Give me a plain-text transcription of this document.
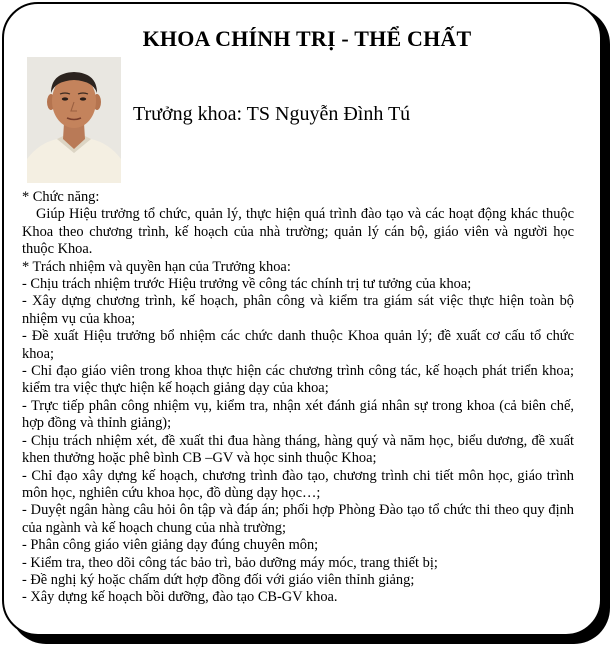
KHOA CHÍNH TRỊ - THỂ CHẤT
Trưởng khoa: TS Nguyễn Đình Tú

* Chức năng:

Giúp Hiệu trưởng tổ chức, quản lý, thực hiện quá trình đào tạo và các hoạt động khác thuộc Khoa theo chương trình, kế hoạch của nhà trường; quản lý cán bộ, giáo viên và người học thuộc Khoa.

* Trách nhiệm và quyền hạn của Trưởng khoa:

- Chịu trách nhiệm trước Hiệu trưởng về công tác chính trị tư tưởng của khoa;

- Xây dựng chương trình, kế hoạch, phân công và kiểm tra giám sát việc thực hiện toàn bộ nhiệm vụ của khoa;

- Đề xuất Hiệu trưởng bổ nhiệm các chức danh thuộc Khoa quản lý; đề xuất cơ cấu tổ chức khoa;

- Chỉ đạo giáo viên trong khoa thực hiện các chương trình công tác, kế hoạch phát triển khoa; kiểm tra việc thực hiện kế hoạch giảng dạy của khoa;

- Trực tiếp phân công nhiệm vụ, kiểm tra, nhận xét đánh giá nhân sự trong khoa (cả biên chế, hợp đồng và thỉnh giảng);

- Chịu trách nhiệm xét, đề xuất thi đua hàng tháng, hàng quý và năm học, biểu dương, đề xuất khen thưởng hoặc phê bình CB –GV và học sinh thuộc Khoa;

- Chỉ đạo xây dựng kế hoạch, chương trình đào tạo, chương trình chi tiết môn học, giáo trình môn học, nghiên cứu khoa học, đồ dùng dạy học…;

- Duyệt ngân hàng câu hỏi ôn tập và đáp án; phối hợp Phòng Đào tạo tổ chức thi theo quy định của ngành và kế hoạch chung của nhà trường;

- Phân công giáo viên giảng dạy đúng chuyên môn;

- Kiểm tra, theo dõi công tác bảo trì, bảo dưỡng máy móc, trang thiết bị;

- Đề nghị ký hoặc chấm dứt hợp đồng đối với giáo viên thỉnh giảng;

- Xây dựng kế hoạch bồi dưỡng, đào tạo CB-GV khoa.
